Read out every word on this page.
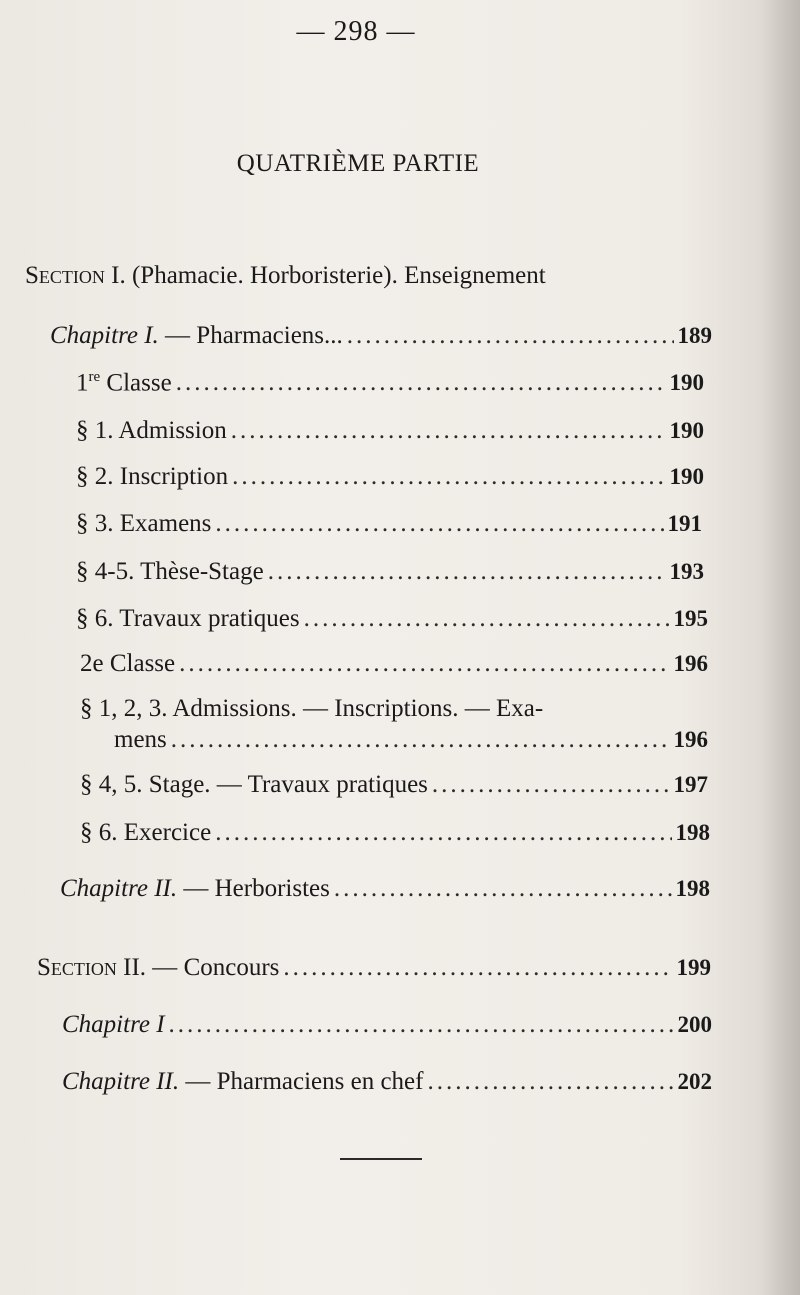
— 298 —
QUATRIÈME PARTIE
Section I. (Phamacie. Horboristerie). Enseignement
Chapitre I. — Pharmaciens... .....	189
1re Classe .....	190
§ 1. Admission .....	190
§ 2. Inscription .....	190
§ 3. Examens .....	191
§ 4-5. Thèse-Stage .....	193
§ 6. Travaux pratiques .....	195
2e Classe .....	196
§ 1, 2, 3. Admissions. — Inscriptions. — Exa-
mens .....	196
§ 4, 5. Stage. — Travaux pratiques .....	197
§ 6. Exercice .....	198
Chapitre II. — Herboristes .....	198
Section II. — Concours .....	199
Chapitre I .....	200
Chapitre II. — Pharmaciens en chef .....	202
